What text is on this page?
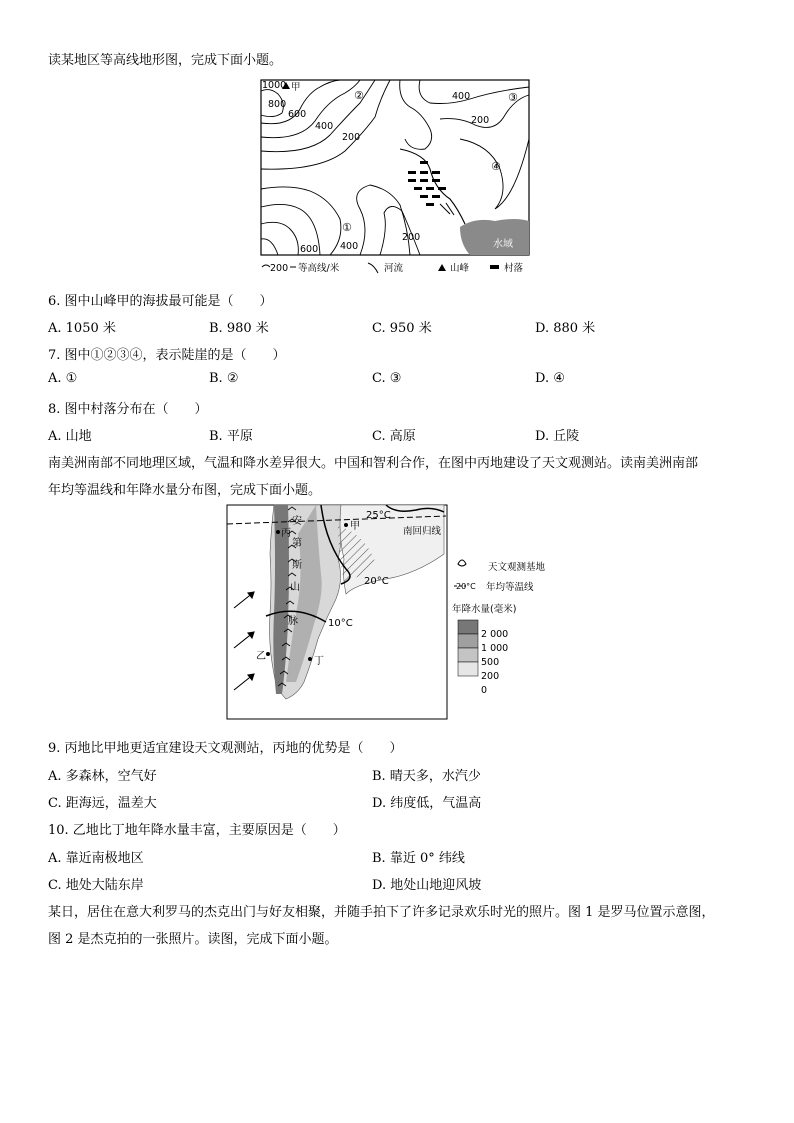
读某地区等高线地形图，完成下面小题。
甲
1000
800
600
400
200
400
200
200
600 400
①
②	③
④
水域
200 等高线/米	河流	山峰	村落
6. 图中山峰甲的海拔最可能是（　　）
A. 1050 米	B. 980 米	C. 950 米	D. 880 米
7. 图中①②③④，表示陡崖的是（　　）
A. ①	B. ②	C. ③	D. ④
8. 图中村落分布在（　　）
A. 山地	B. 平原	C. 高原	D. 丘陵
南美洲南部不同地理区域，气温和降水差异很大。中国和智利合作，在图中丙地建设了天文观测站。读南美洲南部
年均等温线和年降水量分布图，完成下面小题。
甲
丙
乙	丁
25°C
20°C
10°C
南回归线
安
第
斯
山
脉
天文观测基地
20°C 年均等温线
年降水量(毫米)
2 000
1 000
500
200
0
9. 丙地比甲地更适宜建设天文观测站，丙地的优势是（　　）
A. 多森林，空气好	B. 晴天多，水汽少
C. 距海远，温差大	D. 纬度低，气温高
10. 乙地比丁地年降水量丰富，主要原因是（　　）
A. 靠近南极地区	B. 靠近 0° 纬线
C. 地处大陆东岸	D. 地处山地迎风坡
某日，居住在意大利罗马的杰克出门与好友相聚，并随手拍下了许多记录欢乐时光的照片。图 1 是罗马位置示意图，
图 2 是杰克拍的一张照片。读图，完成下面小题。
